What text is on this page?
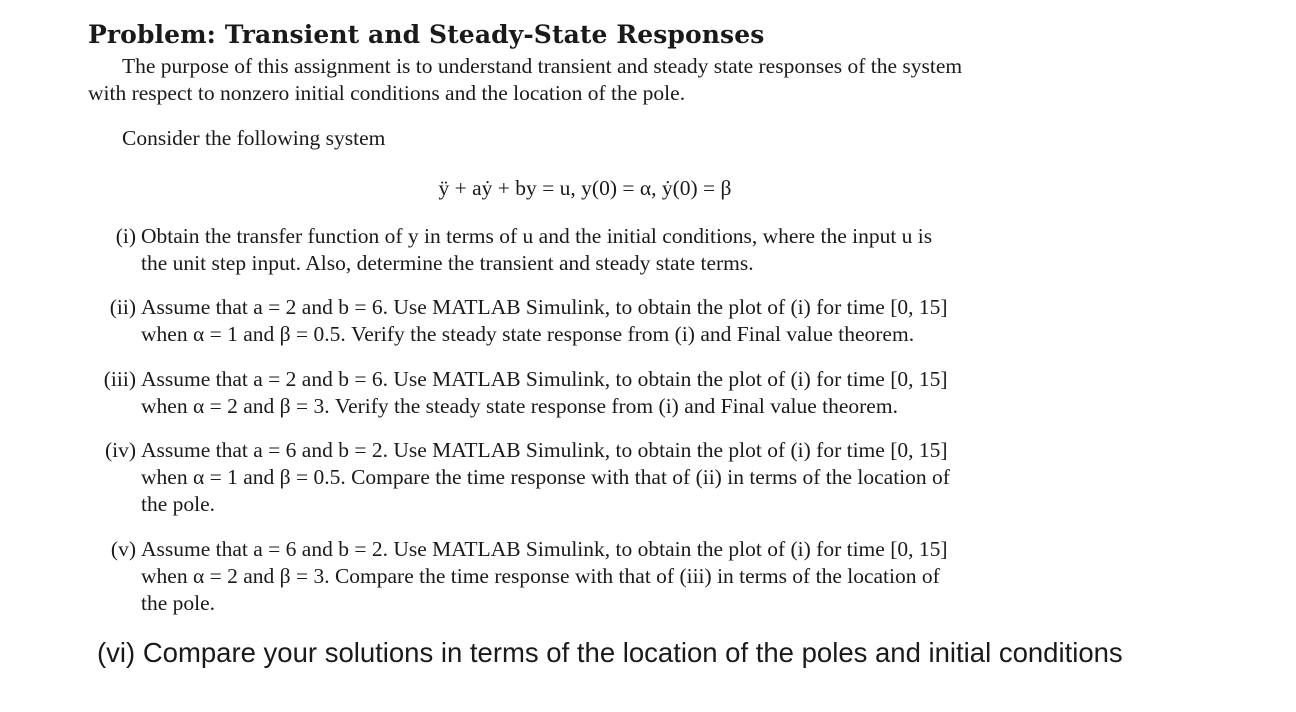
Problem: Transient and Steady-State Responses
The purpose of this assignment is to understand transient and steady state responses of the system
with respect to nonzero initial conditions and the location of the pole.
Consider the following system
ÿ + aẏ + by = u, y(0) = α, ẏ(0) = β
(i) Obtain the transfer function of y in terms of u and the initial conditions, where the input u is
the unit step input. Also, determine the transient and steady state terms.
(ii) Assume that a = 2 and b = 6. Use MATLAB Simulink, to obtain the plot of (i) for time [0, 15]
when α = 1 and β = 0.5. Verify the steady state response from (i) and Final value theorem.
(iii) Assume that a = 2 and b = 6. Use MATLAB Simulink, to obtain the plot of (i) for time [0, 15]
when α = 2 and β = 3. Verify the steady state response from (i) and Final value theorem.
(iv) Assume that a = 6 and b = 2. Use MATLAB Simulink, to obtain the plot of (i) for time [0, 15]
when α = 1 and β = 0.5. Compare the time response with that of (ii) in terms of the location of
the pole.
(v) Assume that a = 6 and b = 2. Use MATLAB Simulink, to obtain the plot of (i) for time [0, 15]
when α = 2 and β = 3. Compare the time response with that of (iii) in terms of the location of
the pole.
(vi) Compare your solutions in terms of the location of the poles and initial conditions
